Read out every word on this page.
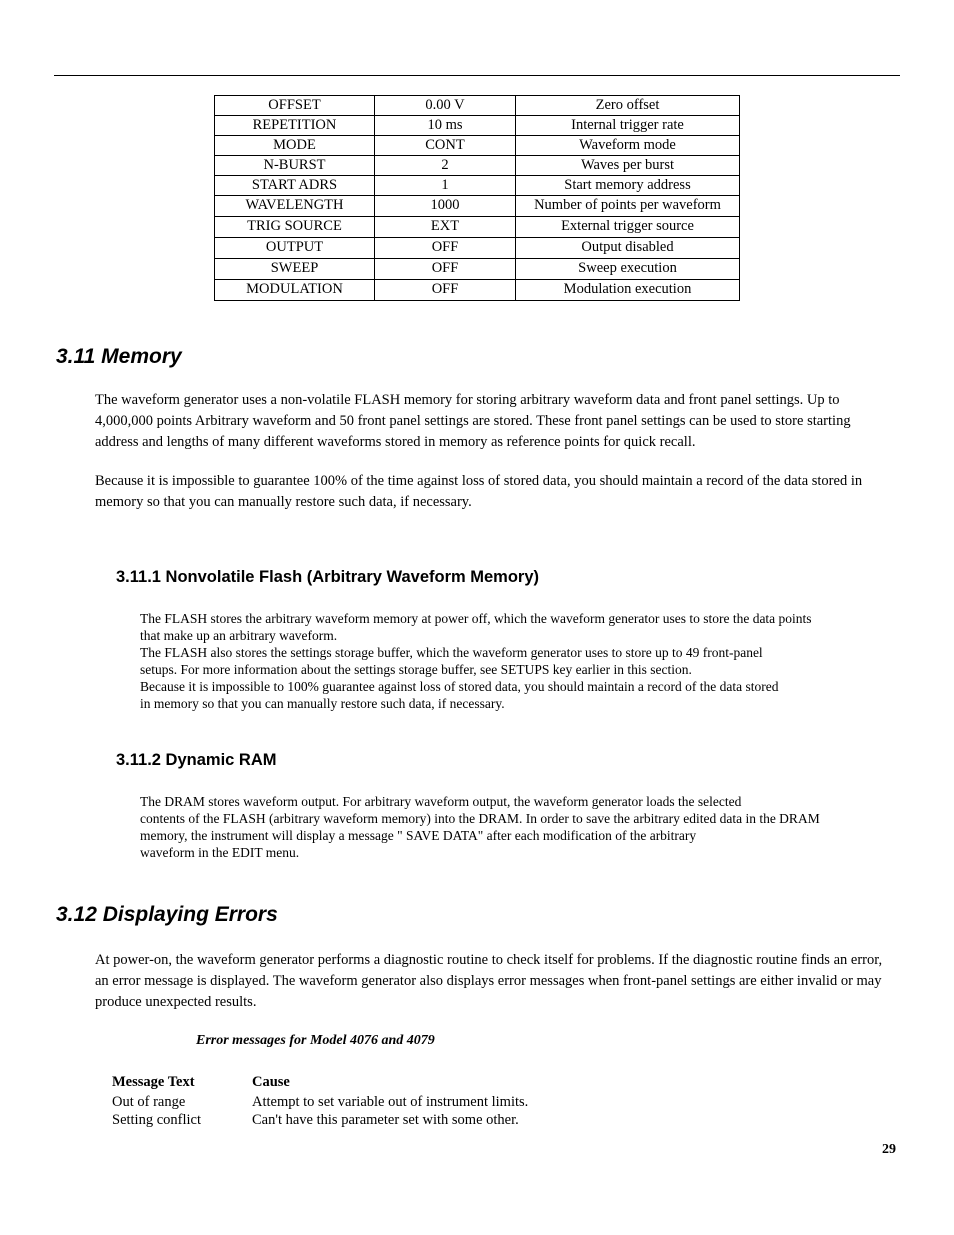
OFFSET	0.00 V	Zero offset
REPETITION	10 ms	Internal trigger rate
MODE	CONT	Waveform mode
N-BURST	2	Waves per burst
START ADRS	1	Start memory address
WAVELENGTH	1000	Number of points per waveform
TRIG SOURCE	EXT	External trigger source
OUTPUT	OFF	Output disabled
SWEEP	OFF	Sweep execution
MODULATION	OFF	Modulation execution
3.11 Memory

The waveform generator uses a non-volatile FLASH memory for storing arbitrary waveform data and front panel settings. Up to 4,000,000 points Arbitrary waveform and 50 front panel settings are stored. These front panel settings can be used to store starting address and lengths of many different waveforms stored in memory as reference points for quick recall.

Because it is impossible to guarantee 100% of the time against loss of stored data, you should maintain a record of the data stored in memory so that you can manually restore such data, if necessary.

3.11.1 Nonvolatile Flash (Arbitrary Waveform Memory)
The FLASH stores the arbitrary waveform memory at power off, which the waveform generator uses to store the data points
that make up an arbitrary waveform.
The FLASH also stores the settings storage buffer, which the waveform generator uses to store up to 49 front-panel
setups. For more information about the settings storage buffer, see SETUPS key earlier in this section.
Because it is impossible to 100% guarantee against loss of stored data, you should maintain a record of the data stored
in memory so that you can manually restore such data, if necessary.
3.11.2 Dynamic RAM
The DRAM stores waveform output. For arbitrary waveform output, the waveform generator loads the selected
contents of the FLASH (arbitrary waveform memory) into the DRAM. In order to save the arbitrary edited data in the DRAM
memory, the instrument will display a message " SAVE DATA" after each modification of the arbitrary
waveform in the EDIT menu.
3.12 Displaying Errors

At power-on, the waveform generator performs a diagnostic routine to check itself for problems. If the diagnostic routine finds an error, an error message is displayed. The waveform generator also displays error messages when front-panel settings are either invalid or may produce unexpected results.

Error messages for Model 4076 and 4079

Message Text	Cause
Out of range	Attempt to set variable out of instrument limits.
Setting conflict	Can't have this parameter set with some other.
29
